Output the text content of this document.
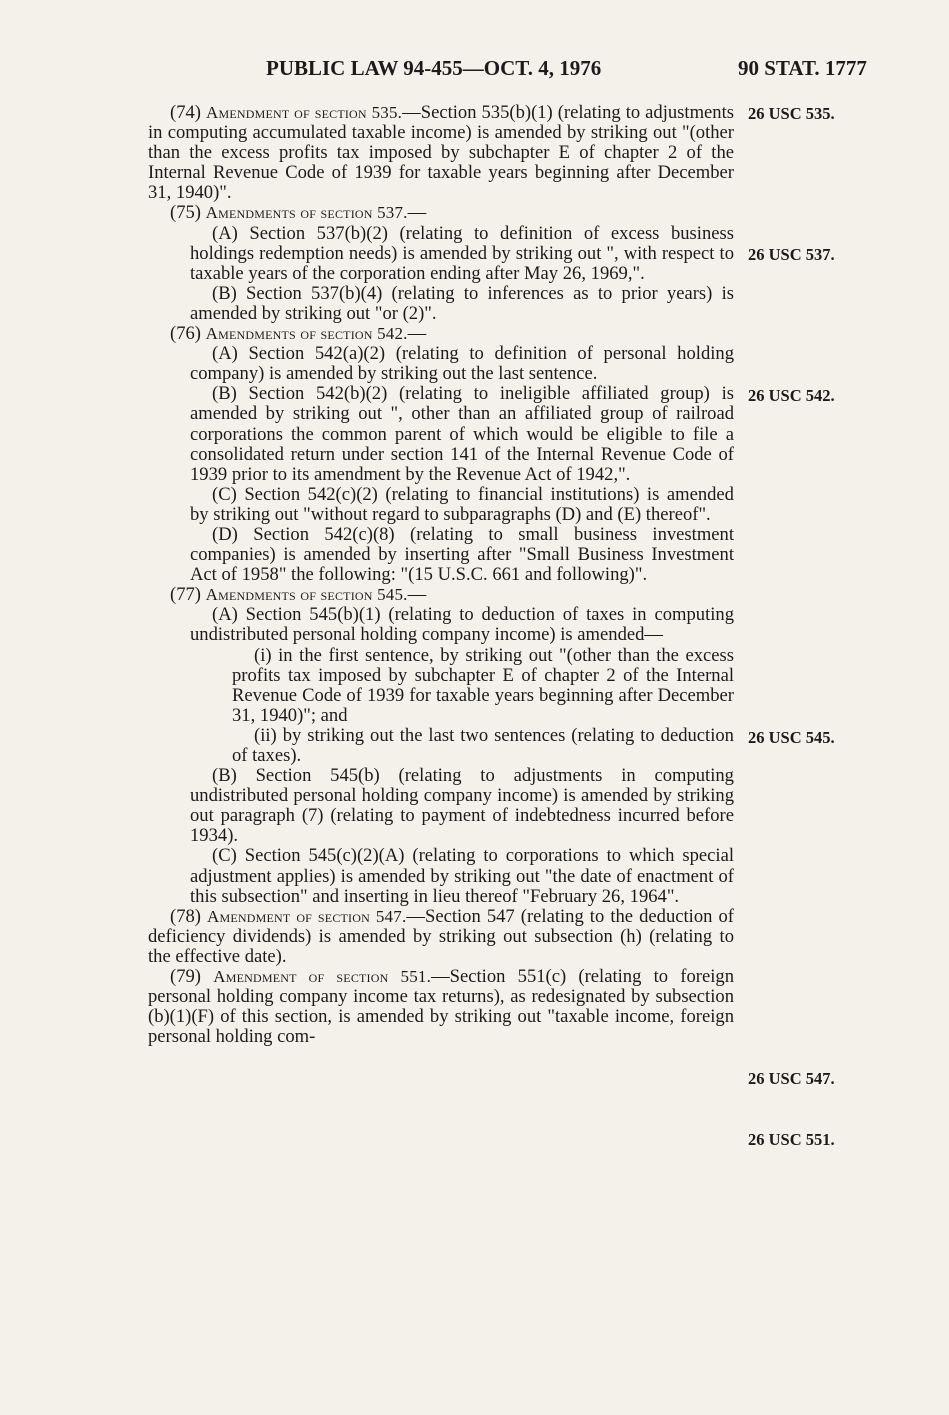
PUBLIC LAW 94-455—OCT. 4, 1976	90 STAT. 1777

(74) Amendment of section 535.—Section 535(b)(1) (relating to adjustments in computing accumulated taxable income) is amended by striking out "(other than the excess profits tax imposed by subchapter E of chapter 2 of the Internal Revenue Code of 1939 for taxable years beginning after December 31, 1940)".

(75) Amendments of section 537.—

(A) Section 537(b)(2) (relating to definition of excess business holdings redemption needs) is amended by striking out ", with respect to taxable years of the corporation ending after May 26, 1969,".

(B) Section 537(b)(4) (relating to inferences as to prior years) is amended by striking out "or (2)".

(76) Amendments of section 542.—

(A) Section 542(a)(2) (relating to definition of personal holding company) is amended by striking out the last sentence.

(B) Section 542(b)(2) (relating to ineligible affiliated group) is amended by striking out ", other than an affiliated group of railroad corporations the common parent of which would be eligible to file a consolidated return under section 141 of the Internal Revenue Code of 1939 prior to its amendment by the Revenue Act of 1942,".

(C) Section 542(c)(2) (relating to financial institutions) is amended by striking out "without regard to subparagraphs (D) and (E) thereof".

(D) Section 542(c)(8) (relating to small business investment companies) is amended by inserting after "Small Business Investment Act of 1958" the following: "(15 U.S.C. 661 and following)".

(77) Amendments of section 545.—

(A) Section 545(b)(1) (relating to deduction of taxes in computing undistributed personal holding company income) is amended—

(i) in the first sentence, by striking out "(other than the excess profits tax imposed by subchapter E of chapter 2 of the Internal Revenue Code of 1939 for taxable years beginning after December 31, 1940)"; and

(ii) by striking out the last two sentences (relating to deduction of taxes).

(B) Section 545(b) (relating to adjustments in computing undistributed personal holding company income) is amended by striking out paragraph (7) (relating to payment of indebtedness incurred before 1934).

(C) Section 545(c)(2)(A) (relating to corporations to which special adjustment applies) is amended by striking out "the date of enactment of this subsection" and inserting in lieu thereof "February 26, 1964".

(78) Amendment of section 547.—Section 547 (relating to the deduction of deficiency dividends) is amended by striking out subsection (h) (relating to the effective date).

(79) Amendment of section 551.—Section 551(c) (relating to foreign personal holding company income tax returns), as redesignated by subsection (b)(1)(F) of this section, is amended by striking out "taxable income, foreign personal holding com-

26 USC 535.
26 USC 537.
26 USC 542.
26 USC 545.
26 USC 547.
26 USC 551.
